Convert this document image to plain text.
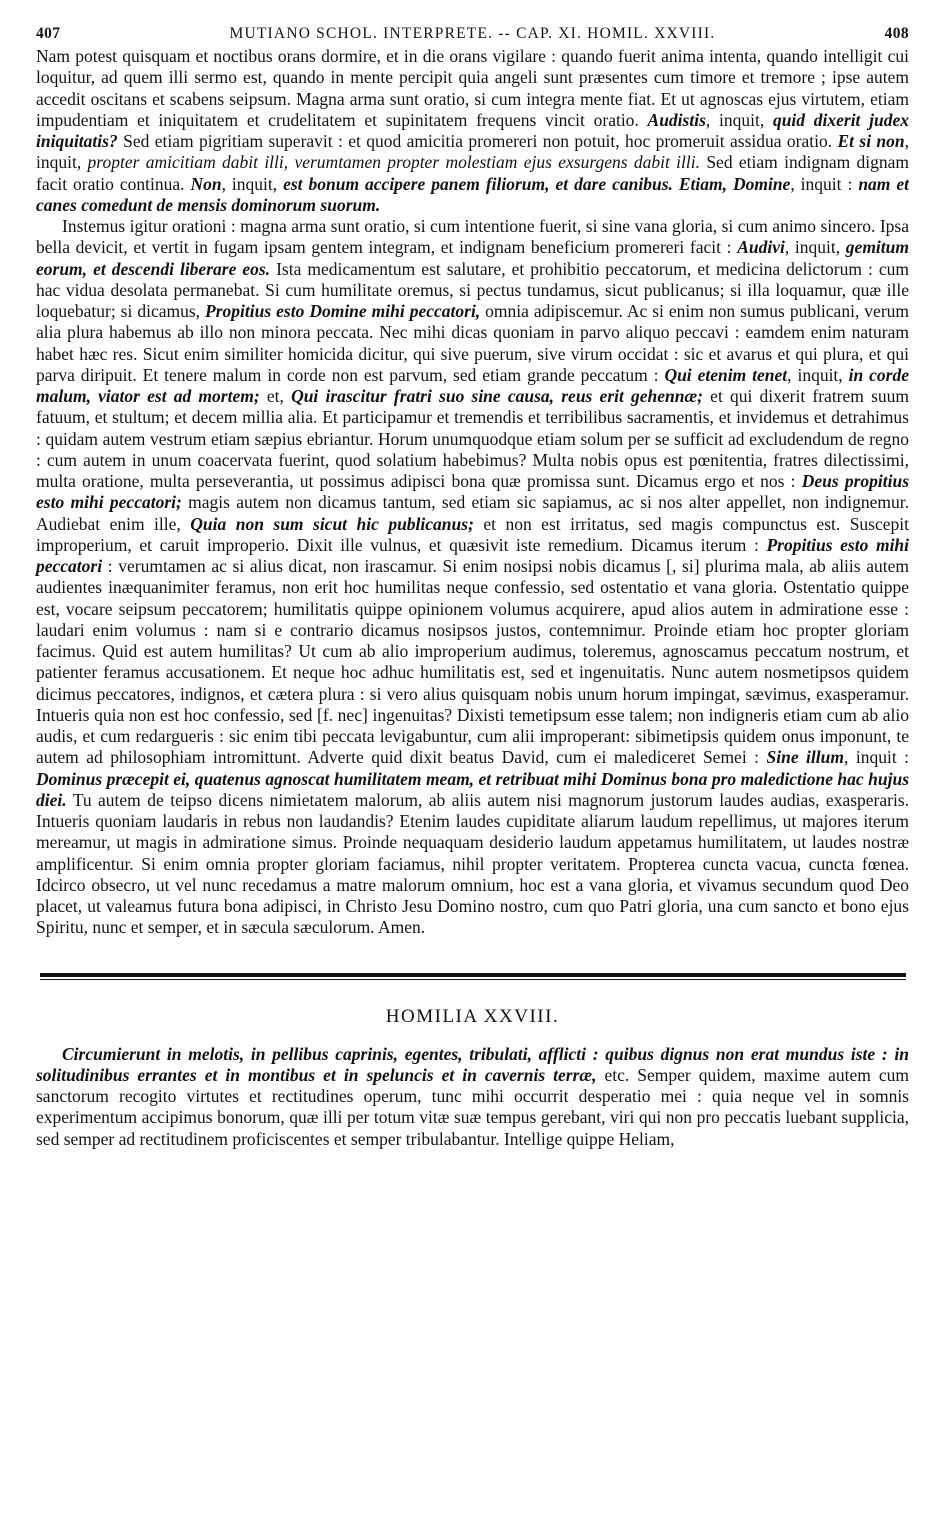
407	MUTIANO SCHOL. INTERPRETE. -- CAP. XI. HOMIL. XXVIII.	408

Nam potest quisquam et noctibus orans dormire, et in die orans vigilare : quando fuerit anima intenta, quando intelligit cui loquitur, ad quem illi sermo est, quando in mente percipit quia angeli sunt præsentes cum timore et tremore ; ipse autem accedit oscitans et scabens seipsum. Magna arma sunt oratio, si cum integra mente fiat. Et ut agnoscas ejus virtutem, etiam impudentiam et iniquitatem et crudelitatem et supinitatem frequens vincit oratio. Audistis, inquit, quid dixerit judex iniquitatis? Sed etiam pigritiam superavit : et quod amicitia promereri non potuit, hoc promeruit assidua oratio. Et si non, inquit, propter amicitiam dabit illi, verumtamen propter molestiam ejus exsurgens dabit illi. Sed etiam indignam dignam facit oratio continua. Non, inquit, est bonum accipere panem filiorum, et dare canibus. Etiam, Domine, inquit : nam et canes comedunt de mensis dominorum suorum.

Instemus igitur orationi : magna arma sunt oratio, si cum intentione fuerit, si sine vana gloria, si cum animo sincero. Ipsa bella devicit, et vertit in fugam ipsam gentem integram, et indignam beneficium promereri facit : Audivi, inquit, gemitum eorum, et descendi liberare eos. Ista medicamentum est salutare, et prohibitio peccatorum, et medicina delictorum : cum hac vidua desolata permanebat. Si cum humilitate oremus, si pectus tundamus, sicut publicanus; si illa loquamur, quæ ille loquebatur; si dicamus, Propitius esto Domine mihi peccatori, omnia adipiscemur. Ac si enim non sumus publicani, verum alia plura habemus ab illo non minora peccata. Nec mihi dicas quoniam in parvo aliquo peccavi : eamdem enim naturam habet hæc res. Sicut enim similiter homicida dicitur, qui sive puerum, sive virum occidat : sic et avarus et qui plura, et qui parva diripuit. Et tenere malum in corde non est parvum, sed etiam grande peccatum : Qui etenim tenet, inquit, in corde malum, viator est ad mortem; et, Qui irascitur fratri suo sine causa, reus erit gehennæ; et qui dixerit fratrem suum fatuum, et stultum; et decem millia alia. Et participamur et tremendis et terribilibus sacramentis, et invidemus et detrahimus : quidam autem vestrum etiam sæpius ebriantur. Horum unumquodque etiam solum per se sufficit ad excludendum de regno : cum autem in unum coacervata fuerint, quod solatium habebimus? Multa nobis opus est pœnitentia, fratres dilectissimi, multa oratione, multa perseverantia, ut possimus adipisci bona quæ promissa sunt. Dicamus ergo et nos : Deus propitius esto mihi peccatori; magis autem non dicamus tantum, sed etiam sic sapiamus, ac si nos alter appellet, non indignemur. Audiebat enim ille, Quia non sum sicut hic publicanus; et non est irritatus, sed magis compunctus est. Suscepit improperium, et caruit improperio. Dixit ille vulnus, et quæsivit iste remedium. Dicamus iterum : Propitius esto mihi peccatori : verumtamen ac si alius dicat, non irascamur. Si enim nosipsi nobis dicamus [, si] plurima mala, ab aliis autem audientes inæquanimiter feramus, non erit hoc humilitas neque confessio, sed ostentatio et vana gloria. Ostentatio quippe est, vocare seipsum peccatorem; humilitatis quippe opinionem volumus acquirere, apud alios autem in admiratione esse : laudari enim volumus : nam si e contrario dicamus nosipsos justos, contemnimur. Proinde etiam hoc propter gloriam facimus. Quid est autem humilitas? Ut cum ab alio improperium audimus, toleremus, agnoscamus peccatum nostrum, et patienter feramus accusationem. Et neque hoc adhuc humilitatis est, sed et ingenuitatis. Nunc autem nosmetipsos quidem dicimus peccatores, indignos, et cætera plura : si vero alius quisquam nobis unum horum impingat, sævimus, exasperamur. Intueris quia non est hoc confessio, sed [f. nec] ingenuitas? Dixisti temetipsum esse talem; non indigneris etiam cum ab alio audis, et cum redargueris : sic enim tibi peccata levigabuntur, cum alii improperant: sibimetipsis quidem onus imponunt, te autem ad philosophiam intromittunt. Adverte quid dixit beatus David, cum ei malediceret Semei : Sine illum, inquit : Dominus præcepit ei, quatenus agnoscat humilitatem meam, et retribuat mihi Dominus bona pro maledictione hac hujus diei. Tu autem de teipso dicens nimietatem malorum, ab aliis autem nisi magnorum justorum laudes audias, exasperaris. Intueris quoniam laudaris in rebus non laudandis? Etenim laudes cupiditate aliarum laudum repellimus, ut majores iterum mereamur, ut magis in admiratione simus. Proinde nequaquam desiderio laudum appetamus humilitatem, ut laudes nostræ amplificentur. Si enim omnia propter gloriam faciamus, nihil propter veritatem. Propterea cuncta vacua, cuncta fœnea. Idcirco obsecro, ut vel nunc recedamus a matre malorum omnium, hoc est a vana gloria, et vivamus secundum quod Deo placet, ut valeamus futura bona adipisci, in Christo Jesu Domino nostro, cum quo Patri gloria, una cum sancto et bono ejus Spiritu, nunc et semper, et in sæcula sæculorum. Amen.

HOMILIA XXVIII.

Circumierunt in melotis, in pellibus caprinis, egentes, tribulati, afflicti : quibus dignus non erat mundus iste : in solitudinibus errantes et in montibus et in speluncis et in cavernis terræ, etc. Semper quidem, maxime autem cum sanctorum recogito virtutes et rectitudines operum, tunc mihi occurrit desperatio mei : quia neque vel in somnis experimentum accipimus bonorum, quæ illi per totum vitæ suæ tempus gerebant, viri qui non pro peccatis luebant supplicia, sed semper ad rectitudinem proficiscentes et semper tribulabantur. Intellige quippe Heliam,
